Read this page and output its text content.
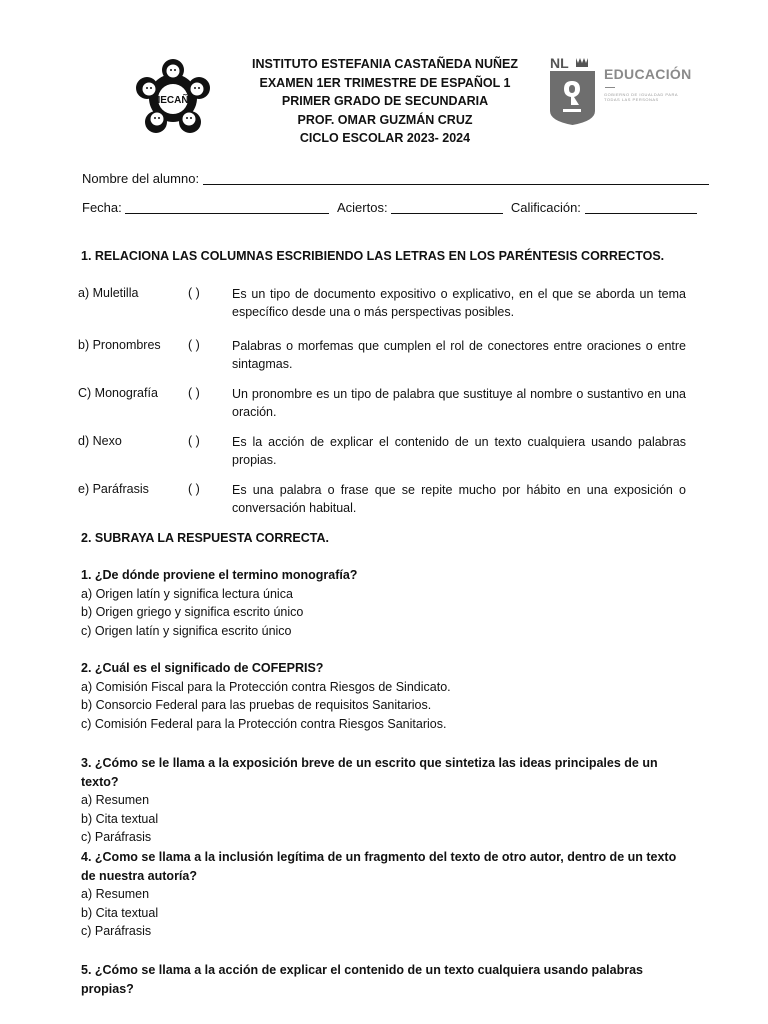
IECAÑ
INSTITUTO ESTEFANIA CASTAÑEDA NUÑEZ
EXAMEN 1ER TRIMESTRE DE ESPAÑOL 1
PRIMER GRADO DE SECUNDARIA
PROF. OMAR GUZMÁN CRUZ
CICLO ESCOLAR 2023- 2024
NL
EDUCACIÓN
GOBIERNO DE IGUALDAD PARA TODAS LAS PERSONAS
Nombre del alumno:
Fecha:	Aciertos:	Calificación:
1. RELACIONA LAS COLUMNAS ESCRIBIENDO LAS LETRAS EN LOS PARÉNTESIS CORRECTOS.
a) Muletilla	( )	Es un tipo de documento expositivo o explicativo, en el que se aborda un tema específico desde una o más perspectivas posibles.
b) Pronombres ( )	Palabras o morfemas que cumplen el rol de conectores entre oraciones o entre sintagmas.
C) Monografía ( )	Un pronombre es un tipo de palabra que sustituye al nombre o sustantivo en una oración.
d) Nexo	( )	Es la acción de explicar el contenido de un texto cualquiera usando palabras propias.
e) Paráfrasis	( )	Es una palabra o frase que se repite mucho por hábito en una exposición o conversación habitual.
2. SUBRAYA LA RESPUESTA CORRECTA.
1. ¿De dónde proviene el termino monografía?
a) Origen latín y significa lectura única
b) Origen griego y significa escrito único
c) Origen latín y significa escrito único
2. ¿Cuál es el significado de COFEPRIS?
a) Comisión Fiscal para la Protección contra Riesgos de Sindicato.
b) Consorcio Federal para las pruebas de requisitos Sanitarios.
c) Comisión Federal para la Protección contra Riesgos Sanitarios.
3. ¿Cómo se le llama a la exposición breve de un escrito que sintetiza las ideas principales de un texto?
a) Resumen
b) Cita textual
c) Paráfrasis
4. ¿Como se llama a la inclusión legítima de un fragmento del texto de otro autor, dentro de un texto de nuestra autoría?
a) Resumen
b) Cita textual
c) Paráfrasis
5. ¿Cómo se llama a la acción de explicar el contenido de un texto cualquiera usando palabras propias?
